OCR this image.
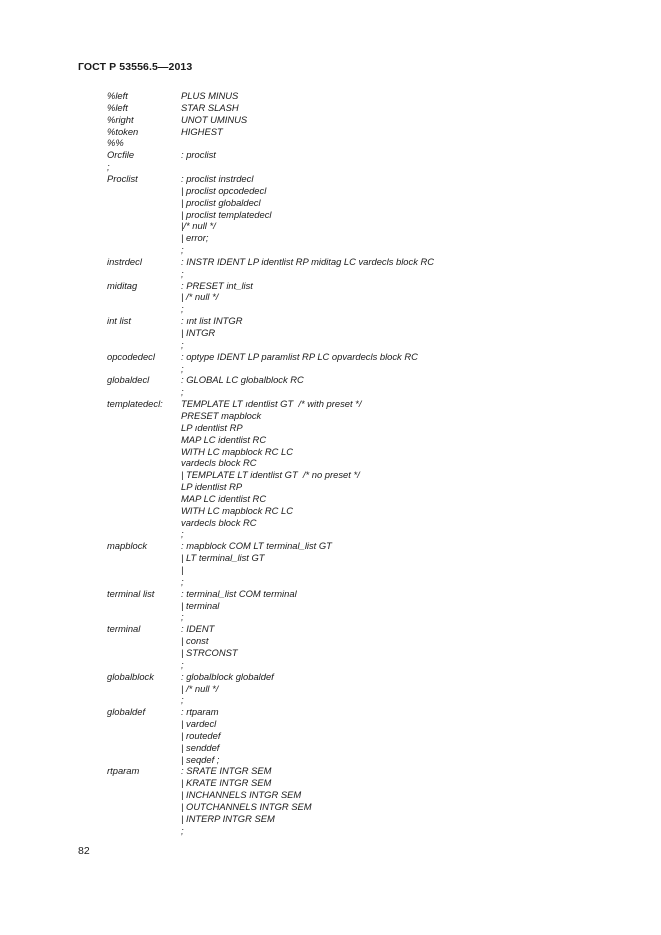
ГОСТ Р 53556.5—2013
%left	PLUS MINUS
%left	STAR SLASH
%right	UNOT UMINUS
%token	HIGHEST
%%
Orcfile	: proclist
;
Proclist	: proclist instrdecl
| proclist opcodedecl
| proclist globaldecl
| proclist templatedecl
|/* null */
| error;
;
instrdecl	: INSTR IDENT LP identlist RP miditag LC vardecls block RC
;
miditag	: PRESET int_list
| /* null */
;
int list	: ınt list INTGR
| INTGR
;
opcodedecl	: optype IDENT LP paramlist RP LC opvardecls block RC
;
globaldecl	: GLOBAL LC globalblock RC
;
templatedecl: TEMPLATE LT ıdentlist GT  /* with preset */
PRESET mapblock
LP ıdentlist RP
MAP LC identlist RC
WITH LC mapblock RC LC
vardecls block RC
| TEMPLATE LT identlist GT  /* no preset */
LP identlist RP
MAP LC identlist RC
WITH LC mapblock RC LC
vardecls block RC
;
mapblock	: mapblock COM LT terminal_list GT
| LT terminal_list GT
|
;
terminal list	: terminal_list COM terminal
| terminal
;
terminal	: IDENT
| const
| STRCONST
;
globalblock	: globalblock globaldef
| /* null */
;
globaldef	: rtparam
| vardecl
| routedef
| senddef
| seqdef ;
rtparam	: SRATE INTGR SEM
| KRATE INTGR SEM
| INCHANNELS INTGR SEM
| OUTCHANNELS INTGR SEM
| INTERP INTGR SEM
;
82
